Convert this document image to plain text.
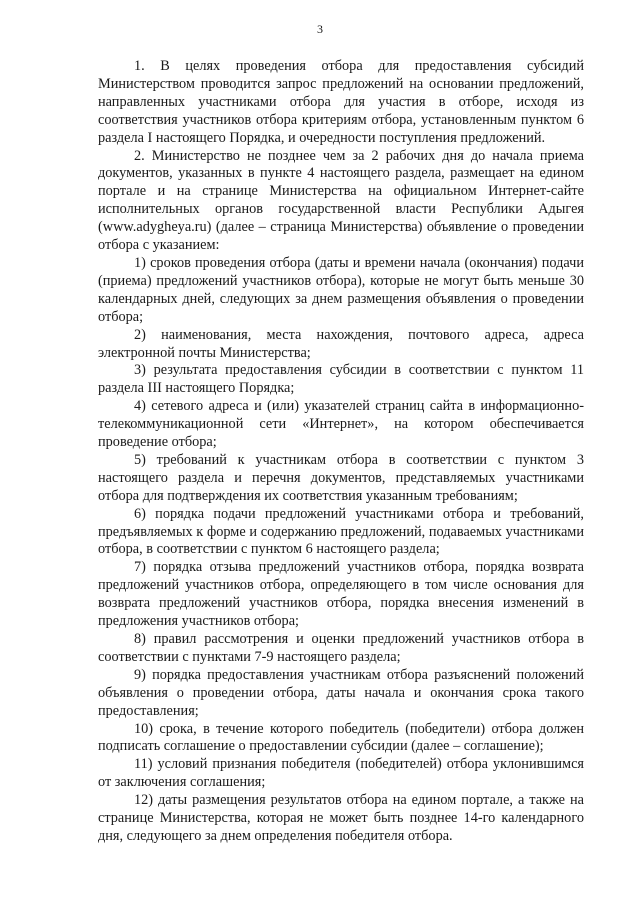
3

1. В целях проведения отбора для предоставления субсидий Министерством проводится запрос предложений на основании предложений, направленных участниками отбора для участия в отборе, исходя из соответствия участников отбора критериям отбора, установленным пунктом 6 раздела I настоящего Порядка, и очередности поступления предложений.

2. Министерство не позднее чем за 2 рабочих дня до начала приема документов, указанных в пункте 4 настоящего раздела, размещает на едином портале и на странице Министерства на официальном Интернет-сайте исполнительных органов государственной власти Республики Адыгея (www.adygheya.ru) (далее – страница Министерства) объявление о проведении отбора с указанием:

1) сроков проведения отбора (даты и времени начала (окончания) подачи (приема) предложений участников отбора), которые не могут быть меньше 30 календарных дней, следующих за днем размещения объявления о проведении отбора;

2) наименования, места нахождения, почтового адреса, адреса электронной почты Министерства;

3) результата предоставления субсидии в соответствии с пунктом 11 раздела III настоящего Порядка;

4) сетевого адреса и (или) указателей страниц сайта в информационно-телекоммуникационной сети «Интернет», на котором обеспечивается проведение отбора;

5) требований к участникам отбора в соответствии с пунктом 3 настоящего раздела и перечня документов, представляемых участниками отбора для подтверждения их соответствия указанным требованиям;

6) порядка подачи предложений участниками отбора и требований, предъявляемых к форме и содержанию предложений, подаваемых участниками отбора, в соответствии с пунктом 6 настоящего раздела;

7) порядка отзыва предложений участников отбора, порядка возврата предложений участников отбора, определяющего в том числе основания для возврата предложений участников отбора, порядка внесения изменений в предложения участников отбора;

8) правил рассмотрения и оценки предложений участников отбора в соответствии с пунктами 7-9 настоящего раздела;

9) порядка предоставления участникам отбора разъяснений положений объявления о проведении отбора, даты начала и окончания срока такого предоставления;

10) срока, в течение которого победитель (победители) отбора должен подписать соглашение о предоставлении субсидии (далее – соглашение);

11) условий признания победителя (победителей) отбора уклонившимся от заключения соглашения;

12) даты размещения результатов отбора на едином портале, а также на странице Министерства, которая не может быть позднее 14-го календарного дня, следующего за днем определения победителя отбора.
